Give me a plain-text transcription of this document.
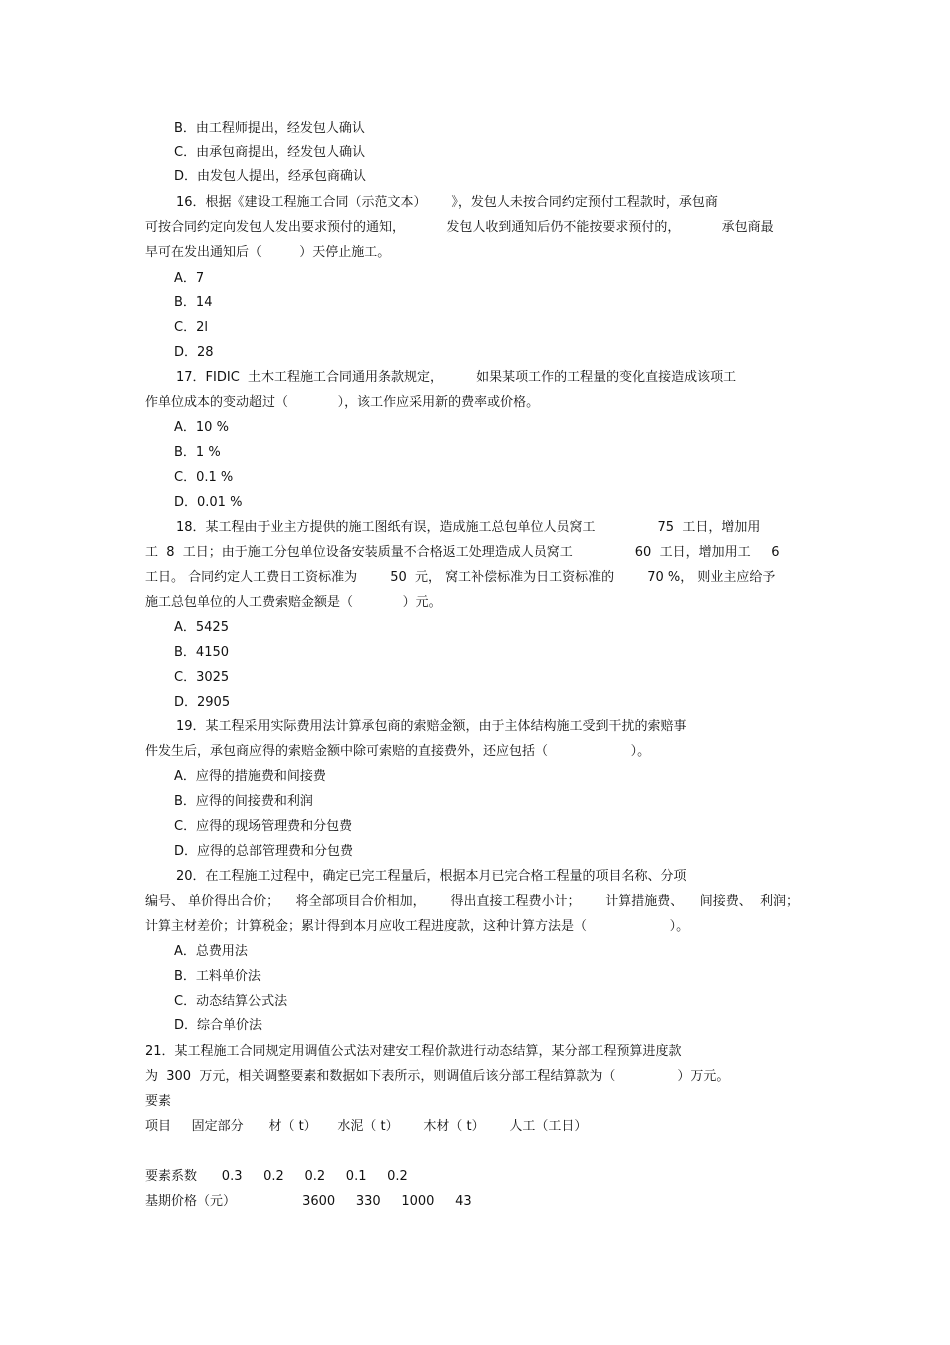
B．由工程师提出，经发包人确认
C．由承包商提出，经发包人确认
D．由发包人提出，经承包商确认
16．根据《建设工程施工合同（示范文本）      》，发包人未按合同约定预付工程款时，承包商
可按合同约定向发包人发出要求预付的通知，          发包人收到通知后仍不能按要求预付的，          承包商最
早可在发出通知后（         ）天停止施工。
A．7
B．14
C．2l
D．28
17．FIDIC  土木工程施工合同通用条款规定，        如果某项工作的工程量的变化直接造成该项工
作单位成本的变动超过（            ），该工作应采用新的费率或价格。
A．10 %
B．1 %
C．0.1 %
D．0.01 %
18．某工程由于业主方提供的施工图纸有误，造成施工总包单位人员窝工               75  工日，增加用
工  8  工日；由于施工分包单位设备安装质量不合格返工处理造成人员窝工               60  工日，增加用工     6
工日。 合同约定人工费日工资标准为        50  元， 窝工补偿标准为日工资标准的        70 %， 则业主应给予
施工总包单位的人工费索赔金额是（            ）元。
A．5425
B．4150
C．3025
D．2905
19．某工程采用实际费用法计算承包商的索赔金额，由于主体结构施工受到干扰的索赔事
件发生后，承包商应得的索赔金额中除可索赔的直接费外，还应包括（                    ）。
A．应得的措施费和间接费
B．应得的间接费和利润
C．应得的现场管理费和分包费
D．应得的总部管理费和分包费
20．在工程施工过程中，确定已完工程量后，根据本月已完合格工程量的项目名称、分项
编号、 单价得出合价；    将全部项目合价相加，      得出直接工程费小计；      计算措施费、    间接费、  利润；
计算主材差价；计算税金；累计得到本月应收工程进度款，这种计算方法是（                    ）。
A．总费用法
B．工料单价法
C．动态结算公式法
D．综合单价法
21．某工程施工合同规定用调值公式法对建安工程价款进行动态结算，某分部工程预算进度款
为  300  万元，相关调整要素和数据如下表所示，则调值后该分部工程结算款为（               ）万元。
要素
项目     固定部分      材（ t）     水泥（ t）      木材（ t）      人工（工日）
要素系数      0.3     0.2     0.2     0.1     0.2
基期价格（元）                3600     330     1000     43
